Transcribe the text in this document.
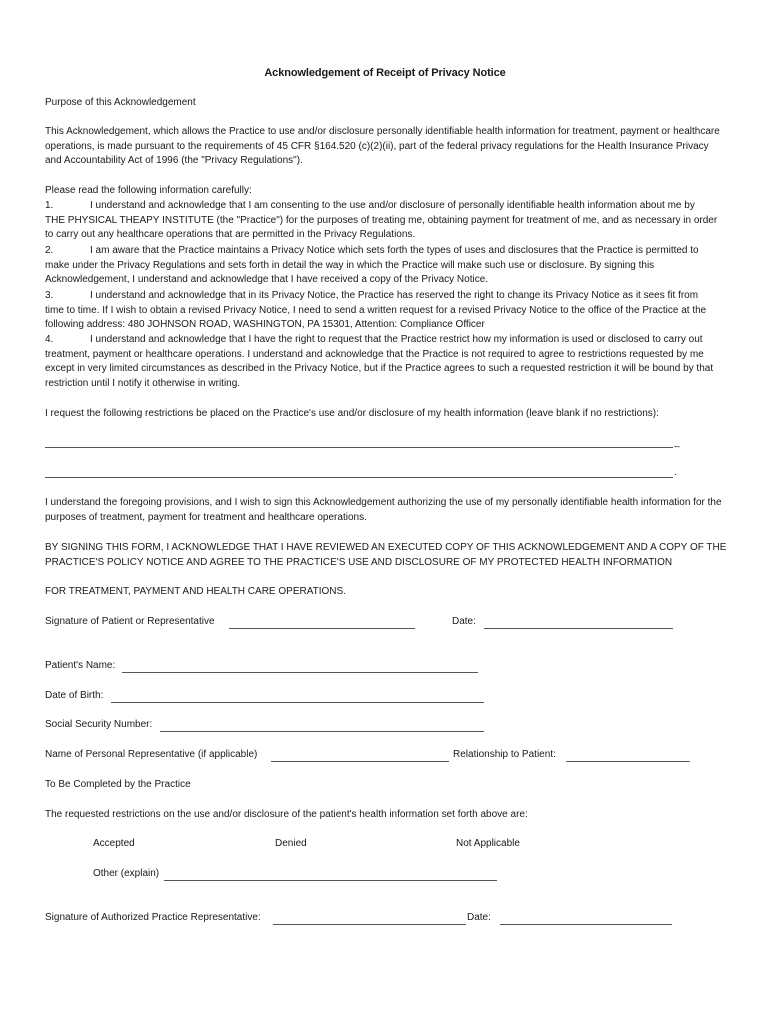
Acknowledgement of Receipt of Privacy Notice
Purpose of this Acknowledgement
This Acknowledgement, which allows the Practice to use and/or disclosure personally identifiable health information for treatment, payment or healthcare operations, is made pursuant to the requirements of 45 CFR §164.520 (c)(2)(ii), part of the federal privacy regulations for the Health Insurance Privacy and Accountability Act of 1996 (the "Privacy Regulations").
Please read the following information carefully:
1.	I understand and acknowledge that I am consenting to the use and/or disclosure of personally identifiable health information about me by
THE PHYSICAL THEAPY INSTITUTE (the "Practice") for the purposes of treating me, obtaining payment for treatment of me, and as necessary in order to carry out any healthcare operations that are permitted in the Privacy Regulations.
2.	I am aware that the Practice maintains a Privacy Notice which sets forth the types of uses and disclosures that the Practice is permitted to
make under the Privacy Regulations and sets forth in detail the way in which the Practice will make such use or disclosure. By signing this Acknowledgement, I understand and acknowledge that I have received a copy of the Privacy Notice.
3.	I understand and acknowledge that in its Privacy Notice, the Practice has reserved the right to change its Privacy Notice as it sees fit from
time to time. If I wish to obtain a revised Privacy Notice, I need to send a written request for a revised Privacy Notice to the office of the Practice at the following address: 480 JOHNSON ROAD, WASHINGTON, PA 15301, Attention: Compliance Officer
4.	I understand and acknowledge that I have the right to request that the Practice restrict how my information is used or disclosed to carry out
treatment, payment or healthcare operations. I understand and acknowledge that the Practice is not required to agree to restrictions requested by me except in very limited circumstances as described in the Privacy Notice, but if the Practice agrees to such a requested restriction it will be bound by that restriction until I notify it otherwise in writing.
I request the following restrictions be placed on the Practice's use and/or disclosure of my health information (leave blank if no restrictions):
_
.
I understand the foregoing provisions, and I wish to sign this Acknowledgement authorizing the use of my personally identifiable health information for the purposes of treatment, payment for treatment and healthcare operations.
BY SIGNING THIS FORM, I ACKNOWLEDGE THAT I HAVE REVIEWED AN EXECUTED COPY OF THIS ACKNOWLEDGEMENT AND A COPY OF THE PRACTICE'S POLICY NOTICE AND AGREE TO THE PRACTICE'S USE AND DISCLOSURE OF MY PROTECTED HEALTH INFORMATION
FOR TREATMENT, PAYMENT AND HEALTH CARE OPERATIONS.
Signature of Patient or Representative	Date:
Patient's Name:
Date of Birth:
Social Security Number:
Name of Personal Representative (if applicable)	Relationship to Patient:
To Be Completed by the Practice
The requested restrictions on the use and/or disclosure of the patient's health information set forth above are:
Accepted	Denied	Not Applicable
Other (explain)
Signature of Authorized Practice Representative:	Date:
